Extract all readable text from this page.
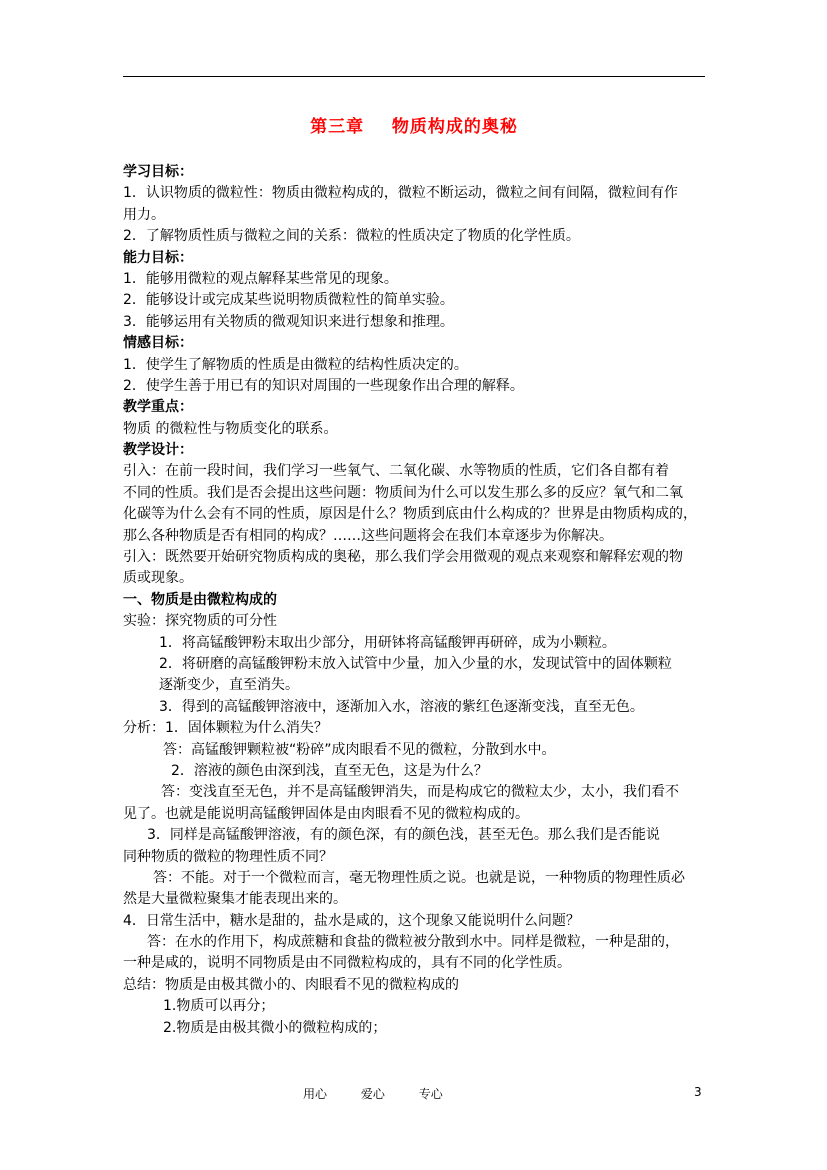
第三章    物质构成的奥秘
学习目标：
1．认识物质的微粒性：物质由微粒构成的，微粒不断运动，微粒之间有间隔，微粒间有作
用力。
2．了解物质性质与微粒之间的关系：微粒的性质决定了物质的化学性质。
能力目标：
1．能够用微粒的观点解释某些常见的现象。
2．能够设计或完成某些说明物质微粒性的简单实验。
3．能够运用有关物质的微观知识来进行想象和推理。
情感目标：
1．使学生了解物质的性质是由微粒的结构性质决定的。
2．使学生善于用已有的知识对周围的一些现象作出合理的解释。
教学重点：
物质 的微粒性与物质变化的联系。
教学设计：
引入：在前一段时间，我们学习一些氧气、二氧化碳、水等物质的性质，它们各自都有着
不同的性质。我们是否会提出这些问题：物质间为什么可以发生那么多的反应？氧气和二氧
化碳等为什么会有不同的性质，原因是什么？物质到底由什么构成的？世界是由物质构成的，
那么各种物质是否有相同的构成？……这些问题将会在我们本章逐步为你解决。
引入：既然要开始研究物质构成的奥秘，那么我们学会用微观的观点来观察和解释宏观的物
质或现象。
一、物质是由微粒构成的
实验：探究物质的可分性
1．将高锰酸钾粉末取出少部分，用研钵将高锰酸钾再研碎，成为小颗粒。
2．将研磨的高锰酸钾粉末放入试管中少量，加入少量的水，发现试管中的固体颗粒
逐渐变少，直至消失。
3．得到的高锰酸钾溶液中，逐渐加入水，溶液的紫红色逐渐变浅，直至无色。
分析：1．固体颗粒为什么消失？
答：高锰酸钾颗粒被“粉碎”成肉眼看不见的微粒，分散到水中。
2．溶液的颜色由深到浅，直至无色，这是为什么？
答：变浅直至无色，并不是高锰酸钾消失，而是构成它的微粒太少，太小，我们看不
见了。也就是能说明高锰酸钾固体是由肉眼看不见的微粒构成的。
3．同样是高锰酸钾溶液，有的颜色深，有的颜色浅，甚至无色。那么我们是否能说
同种物质的微粒的物理性质不同？
答：不能。对于一个微粒而言，毫无物理性质之说。也就是说，一种物质的物理性质必
然是大量微粒聚集才能表现出来的。
4．日常生活中，糖水是甜的，盐水是咸的，这个现象又能说明什么问题？
答：在水的作用下，构成蔗糖和食盐的微粒被分散到水中。同样是微粒，一种是甜的，
一种是咸的，说明不同物质是由不同微粒构成的，具有不同的化学性质。
总结：物质是由极其微小的、肉眼看不见的微粒构成的
1.物质可以再分；
2.物质是由极其微小的微粒构成的；
用心	爱心	专心	3
